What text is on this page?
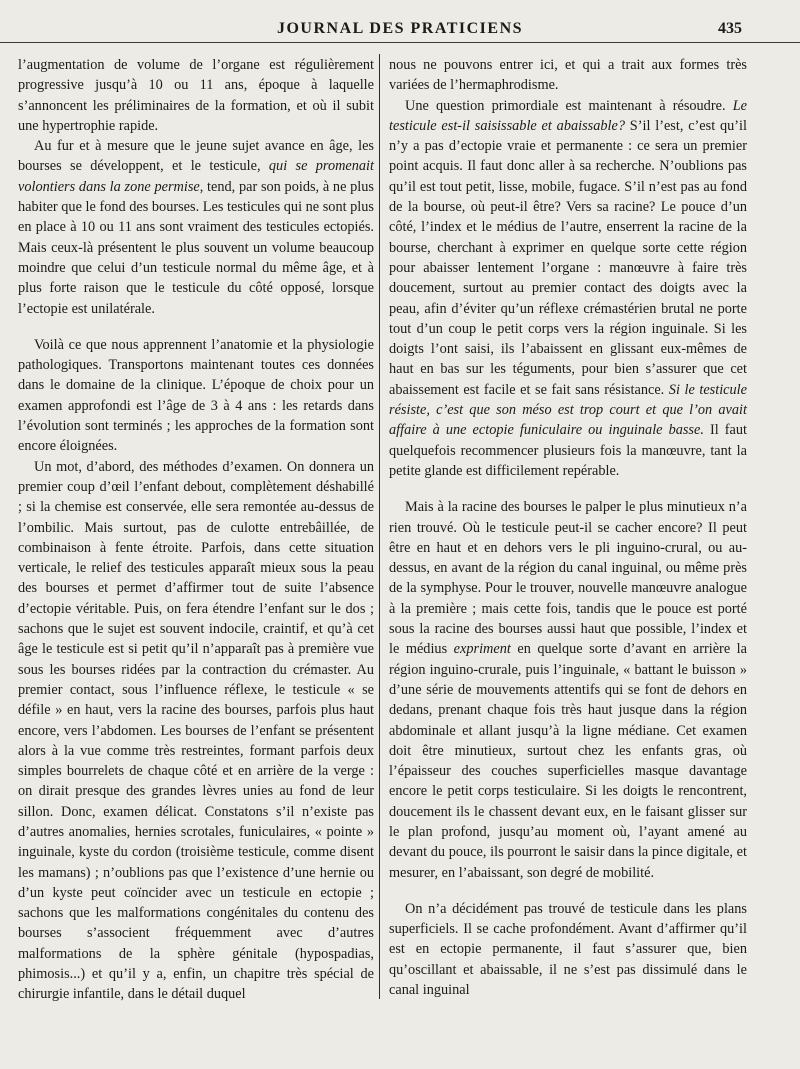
JOURNAL DES PRATICIENS	435

l’augmentation de volume de l’organe est régulièrement progressive jusqu’à 10 ou 11 ans, époque à laquelle s’annoncent les préliminaires de la formation, et où il subit une hypertrophie rapide.

Au fur et à mesure que le jeune sujet avance en âge, les bourses se développent, et le testicule, qui se promenait volontiers dans la zone permise, tend, par son poids, à ne plus habiter que le fond des bourses. Les testicules qui ne sont plus en place à 10 ou 11 ans sont vraiment des testicules ectopiés. Mais ceux-là présentent le plus souvent un volume beaucoup moindre que celui d’un testicule normal du même âge, et à plus forte raison que le testicule du côté opposé, lorsque l’ectopie est unilatérale.

Voilà ce que nous apprennent l’anatomie et la physiologie pathologiques. Transportons maintenant toutes ces données dans le domaine de la clinique. L’époque de choix pour un examen approfondi est l’âge de 3 à 4 ans : les retards dans l’évolution sont terminés ; les approches de la formation sont encore éloignées.

Un mot, d’abord, des méthodes d’examen. On donnera un premier coup d’œil l’enfant debout, complètement déshabillé ; si la chemise est conservée, elle sera remontée au-dessus de l’ombilic. Mais surtout, pas de culotte entrebâillée, de combinaison à fente étroite. Parfois, dans cette situation verticale, le relief des testicules apparaît mieux sous la peau des bourses et permet d’affirmer tout de suite l’absence d’ectopie véritable. Puis, on fera étendre l’enfant sur le dos ; sachons que le sujet est souvent indocile, craintif, et qu’à cet âge le testicule est si petit qu’il n’apparaît pas à première vue sous les bourses ridées par la contraction du crémaster. Au premier contact, sous l’influence réflexe, le testicule « se défile » en haut, vers la racine des bourses, parfois plus haut encore, vers l’abdomen. Les bourses de l’enfant se présentent alors à la vue comme très restreintes, formant parfois deux simples bourrelets de chaque côté et en arrière de la verge : on dirait presque des grandes lèvres unies au fond de leur sillon. Donc, examen délicat. Constatons s’il n’existe pas d’autres anomalies, hernies scrotales, funiculaires, « pointe » inguinale, kyste du cordon (troisième testicule, comme disent les mamans) ; n’oublions pas que l’existence d’une hernie ou d’un kyste peut coïncider avec un testicule en ectopie ; sachons que les malformations congénitales du contenu des bourses s’associent fréquemment avec d’autres malformations de la sphère génitale (hypospadias, phimosis...) et qu’il y a, enfin, un chapitre très spécial de chirurgie infantile, dans le détail duquel

nous ne pouvons entrer ici, et qui a trait aux formes très variées de l’hermaphrodisme.

Une question primordiale est maintenant à résoudre. Le testicule est-il saisissable et abaissable? S’il l’est, c’est qu’il n’y a pas d’ectopie vraie et permanente : ce sera un premier point acquis. Il faut donc aller à sa recherche. N’oublions pas qu’il est tout petit, lisse, mobile, fugace. S’il n’est pas au fond de la bourse, où peut-il être? Vers sa racine? Le pouce d’un côté, l’index et le médius de l’autre, enserrent la racine de la bourse, cherchant à exprimer en quelque sorte cette région pour abaisser lentement l’organe : manœuvre à faire très doucement, surtout au premier contact des doigts avec la peau, afin d’éviter qu’un réflexe crémastérien brutal ne porte tout d’un coup le petit corps vers la région inguinale. Si les doigts l’ont saisi, ils l’abaissent en glissant eux-mêmes de haut en bas sur les téguments, pour bien s’assurer que cet abaissement est facile et se fait sans résistance. Si le testicule résiste, c’est que son méso est trop court et que l’on avait affaire à une ectopie funiculaire ou inguinale basse. Il faut quelquefois recommencer plusieurs fois la manœuvre, tant la petite glande est difficilement repérable.

Mais à la racine des bourses le palper le plus minutieux n’a rien trouvé. Où le testicule peut-il se cacher encore? Il peut être en haut et en dehors vers le pli inguino-crural, ou au-dessus, en avant de la région du canal inguinal, ou même près de la symphyse. Pour le trouver, nouvelle manœuvre analogue à la première ; mais cette fois, tandis que le pouce est porté sous la racine des bourses aussi haut que possible, l’index et le médius expriment en quelque sorte d’avant en arrière la région inguino-crurale, puis l’inguinale, « battant le buisson » d’une série de mouvements attentifs qui se font de dehors en dedans, prenant chaque fois très haut jusque dans la région abdominale et allant jusqu’à la ligne médiane. Cet examen doit être minutieux, surtout chez les enfants gras, où l’épaisseur des couches superficielles masque davantage encore le petit corps testiculaire. Si les doigts le rencontrent, doucement ils le chassent devant eux, en le faisant glisser sur le plan profond, jusqu’au moment où, l’ayant amené au devant du pouce, ils pourront le saisir dans la pince digitale, et mesurer, en l’abaissant, son degré de mobilité.

On n’a décidément pas trouvé de testicule dans les plans superficiels. Il se cache profondément. Avant d’affirmer qu’il est en ectopie permanente, il faut s’assurer que, bien qu’oscillant et abaissable, il ne s’est pas dissimulé dans le canal inguinal
